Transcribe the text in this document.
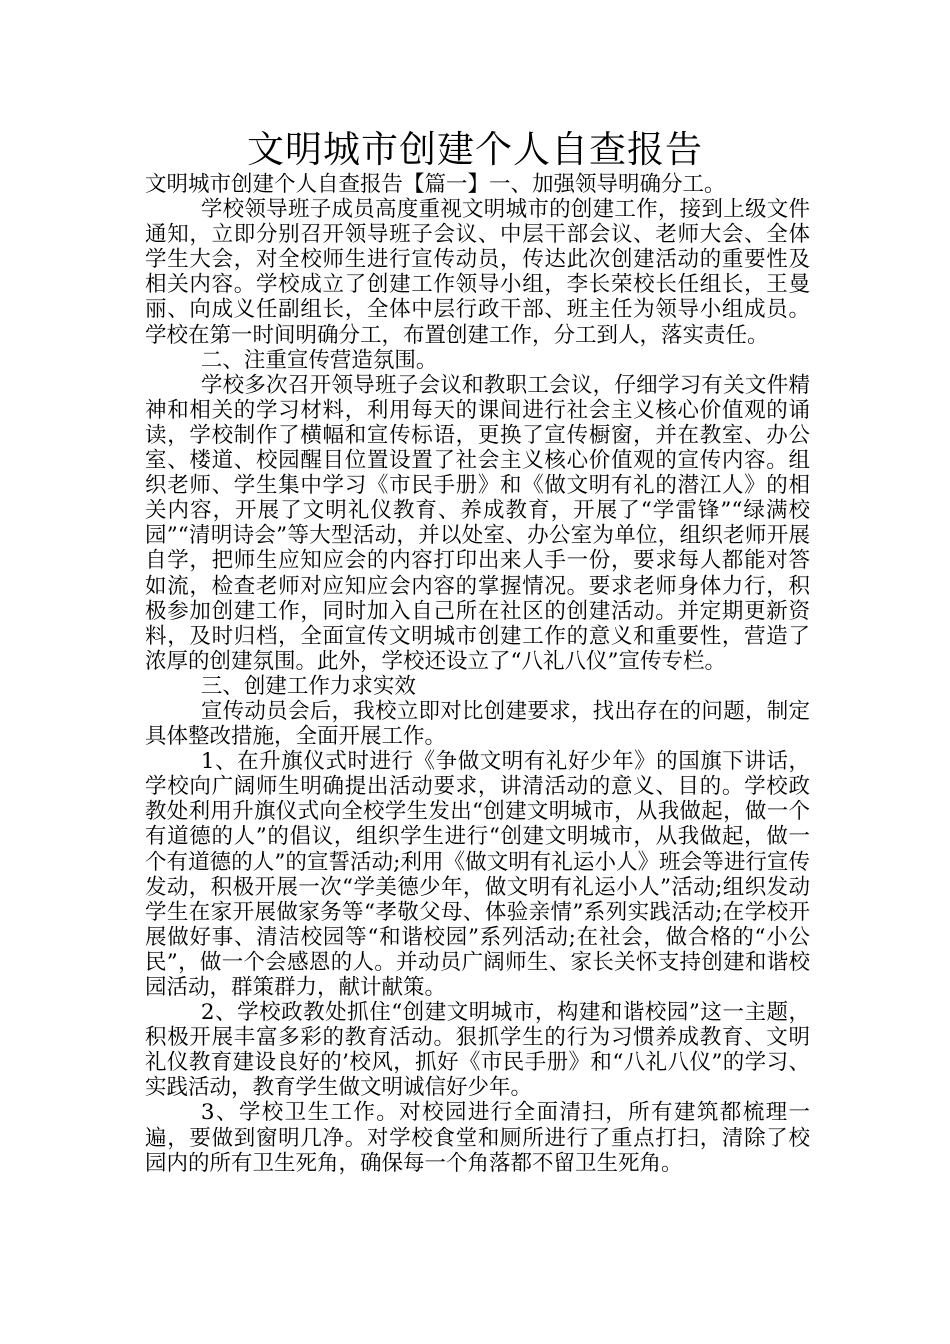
文明城市创建个人自查报告

文明城市创建个人自查报告【篇一】一、加强领导明确分工。

学校领导班子成员高度重视文明城市的创建工作，接到上级文件通知，立即分别召开领导班子会议、中层干部会议、老师大会、全体学生大会，对全校师生进行宣传动员，传达此次创建活动的重要性及相关内容。学校成立了创建工作领导小组，李长荣校长任组长，王曼丽、向成义任副组长，全体中层行政干部、班主任为领导小组成员。学校在第一时间明确分工，布置创建工作，分工到人，落实责任。

二、注重宣传营造氛围。

学校多次召开领导班子会议和教职工会议，仔细学习有关文件精神和相关的学习材料，利用每天的课间进行社会主义核心价值观的诵读，学校制作了横幅和宣传标语，更换了宣传橱窗，并在教室、办公室、楼道、校园醒目位置设置了社会主义核心价值观的宣传内容。组织老师、学生集中学习《市民手册》和《做文明有礼的潜江人》的相关内容，开展了文明礼仪教育、养成教育，开展了“学雷锋”“绿满校园”“清明诗会”等大型活动，并以处室、办公室为单位，组织老师开展自学，把师生应知应会的内容打印出来人手一份，要求每人都能对答如流，检查老师对应知应会内容的掌握情况。要求老师身体力行，积极参加创建工作，同时加入自己所在社区的创建活动。并定期更新资料，及时归档，全面宣传文明城市创建工作的意义和重要性，营造了浓厚的创建氛围。此外，学校还设立了“八礼八仪”宣传专栏。

三、创建工作力求实效

宣传动员会后，我校立即对比创建要求，找出存在的问题，制定具体整改措施，全面开展工作。

1、在升旗仪式时进行《争做文明有礼好少年》的国旗下讲话，学校向广阔师生明确提出活动要求，讲清活动的意义、目的。学校政教处利用升旗仪式向全校学生发出“创建文明城市，从我做起，做一个有道德的人”的倡议，组织学生进行“创建文明城市，从我做起，做一个有道德的人”的宣誓活动;利用《做文明有礼运小人》班会等进行宣传发动，积极开展一次“学美德少年，做文明有礼运小人”活动;组织发动学生在家开展做家务等“孝敬父母、体验亲情”系列实践活动;在学校开展做好事、清洁校园等“和谐校园”系列活动;在社会，做合格的“小公民”，做一个会感恩的人。并动员广阔师生、家长关怀支持创建和谐校园活动，群策群力，献计献策。

2、学校政教处抓住“创建文明城市，构建和谐校园”这一主题，积极开展丰富多彩的教育活动。狠抓学生的行为习惯养成教育、文明礼仪教育建设良好的’校风，抓好《市民手册》和“八礼八仪”的学习、实践活动，教育学生做文明诚信好少年。

3、学校卫生工作。对校园进行全面清扫，所有建筑都梳理一遍，要做到窗明几净。对学校食堂和厕所进行了重点打扫，清除了校园内的所有卫生死角，确保每一个角落都不留卫生死角。
